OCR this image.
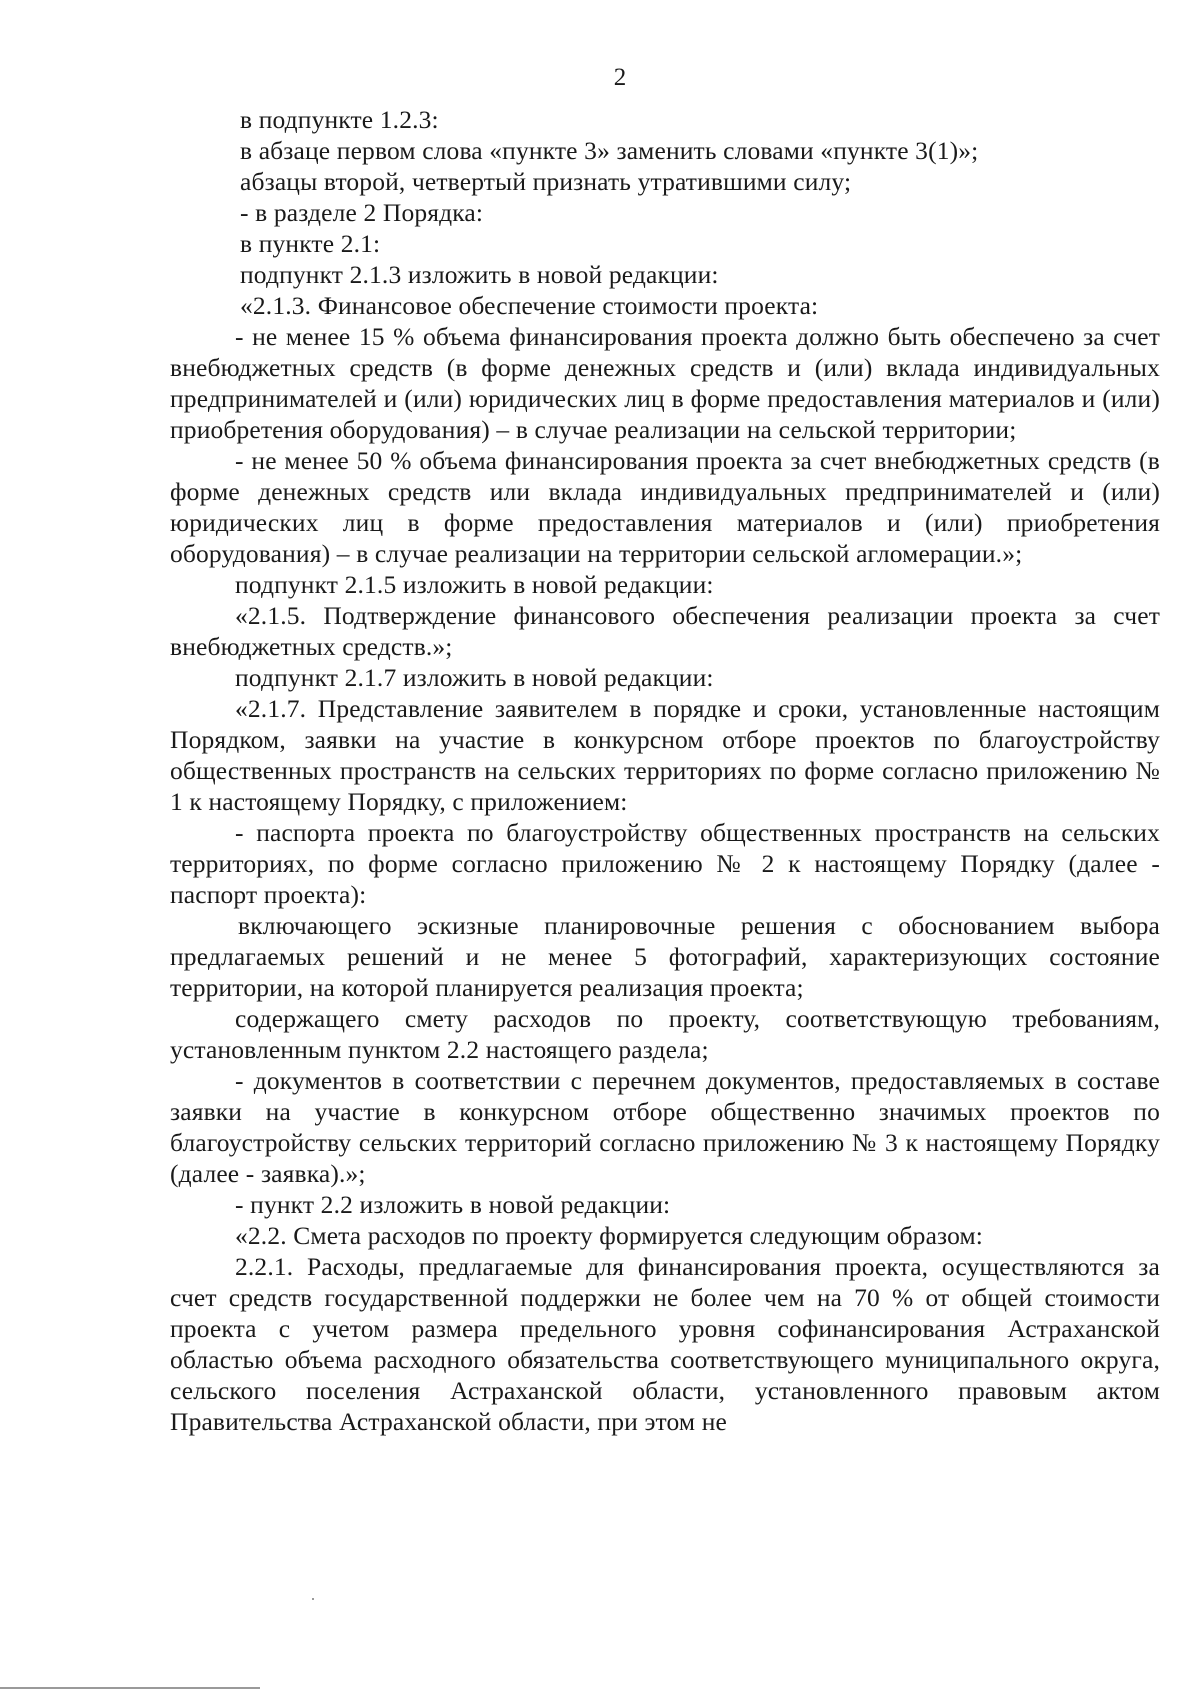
2

в подпункте 1.2.3:

в абзаце первом слова «пункте 3» заменить словами «пункте 3(1)»;

абзацы второй, четвертый признать утратившими силу;

- в разделе 2 Порядка:

в пункте 2.1:

подпункт 2.1.3 изложить в новой редакции:

«2.1.3. Финансовое обеспечение стоимости проекта:

- не менее 15 % объема финансирования проекта должно быть обеспечено за счет внебюджетных средств (в форме денежных средств и (или) вклада индивидуальных предпринимателей и (или) юридических лиц в форме предоставления материалов и (или) приобретения оборудования) – в случае реализации на сельской территории;

- не менее 50 % объема финансирования проекта за счет внебюджетных средств (в форме денежных средств или вклада индивидуальных предпринимателей и (или) юридических лиц в форме предоставления материалов и (или) приобретения оборудования) – в случае реализации на территории сельской агломерации.»;

подпункт 2.1.5 изложить в новой редакции:

«2.1.5. Подтверждение финансового обеспечения реализации проекта за счет внебюджетных средств.»;

подпункт 2.1.7 изложить в новой редакции:

«2.1.7. Представление заявителем в порядке и сроки, установленные настоящим Порядком, заявки на участие в конкурсном отборе проектов по благоустройству общественных пространств на сельских территориях по форме согласно приложению № 1 к настоящему Порядку, с приложением:

- паспорта проекта по благоустройству общественных пространств на сельских территориях, по форме согласно приложению № 2 к настоящему Порядку (далее - паспорт проекта):

включающего эскизные планировочные решения с обоснованием выбора предлагаемых решений и не менее 5 фотографий, характеризующих состояние территории, на которой планируется реализация проекта;

содержащего смету расходов по проекту, соответствующую требованиям, установленным пунктом 2.2 настоящего раздела;

- документов в соответствии с перечнем документов, предоставляемых в составе заявки на участие в конкурсном отборе общественно значимых проектов по благоустройству сельских территорий согласно приложению № 3 к настоящему Порядку (далее - заявка).»;

- пункт 2.2 изложить в новой редакции:

«2.2. Смета расходов по проекту формируется следующим образом:

2.2.1. Расходы, предлагаемые для финансирования проекта, осуществляются за счет средств государственной поддержки не более чем на 70 % от общей стоимости проекта с учетом размера предельного уровня софинансирования Астраханской областью объема расходного обязательства соответствующего муниципального округа, сельского поселения Астраханской области, установленного правовым актом Правительства Астраханской области, при этом не
